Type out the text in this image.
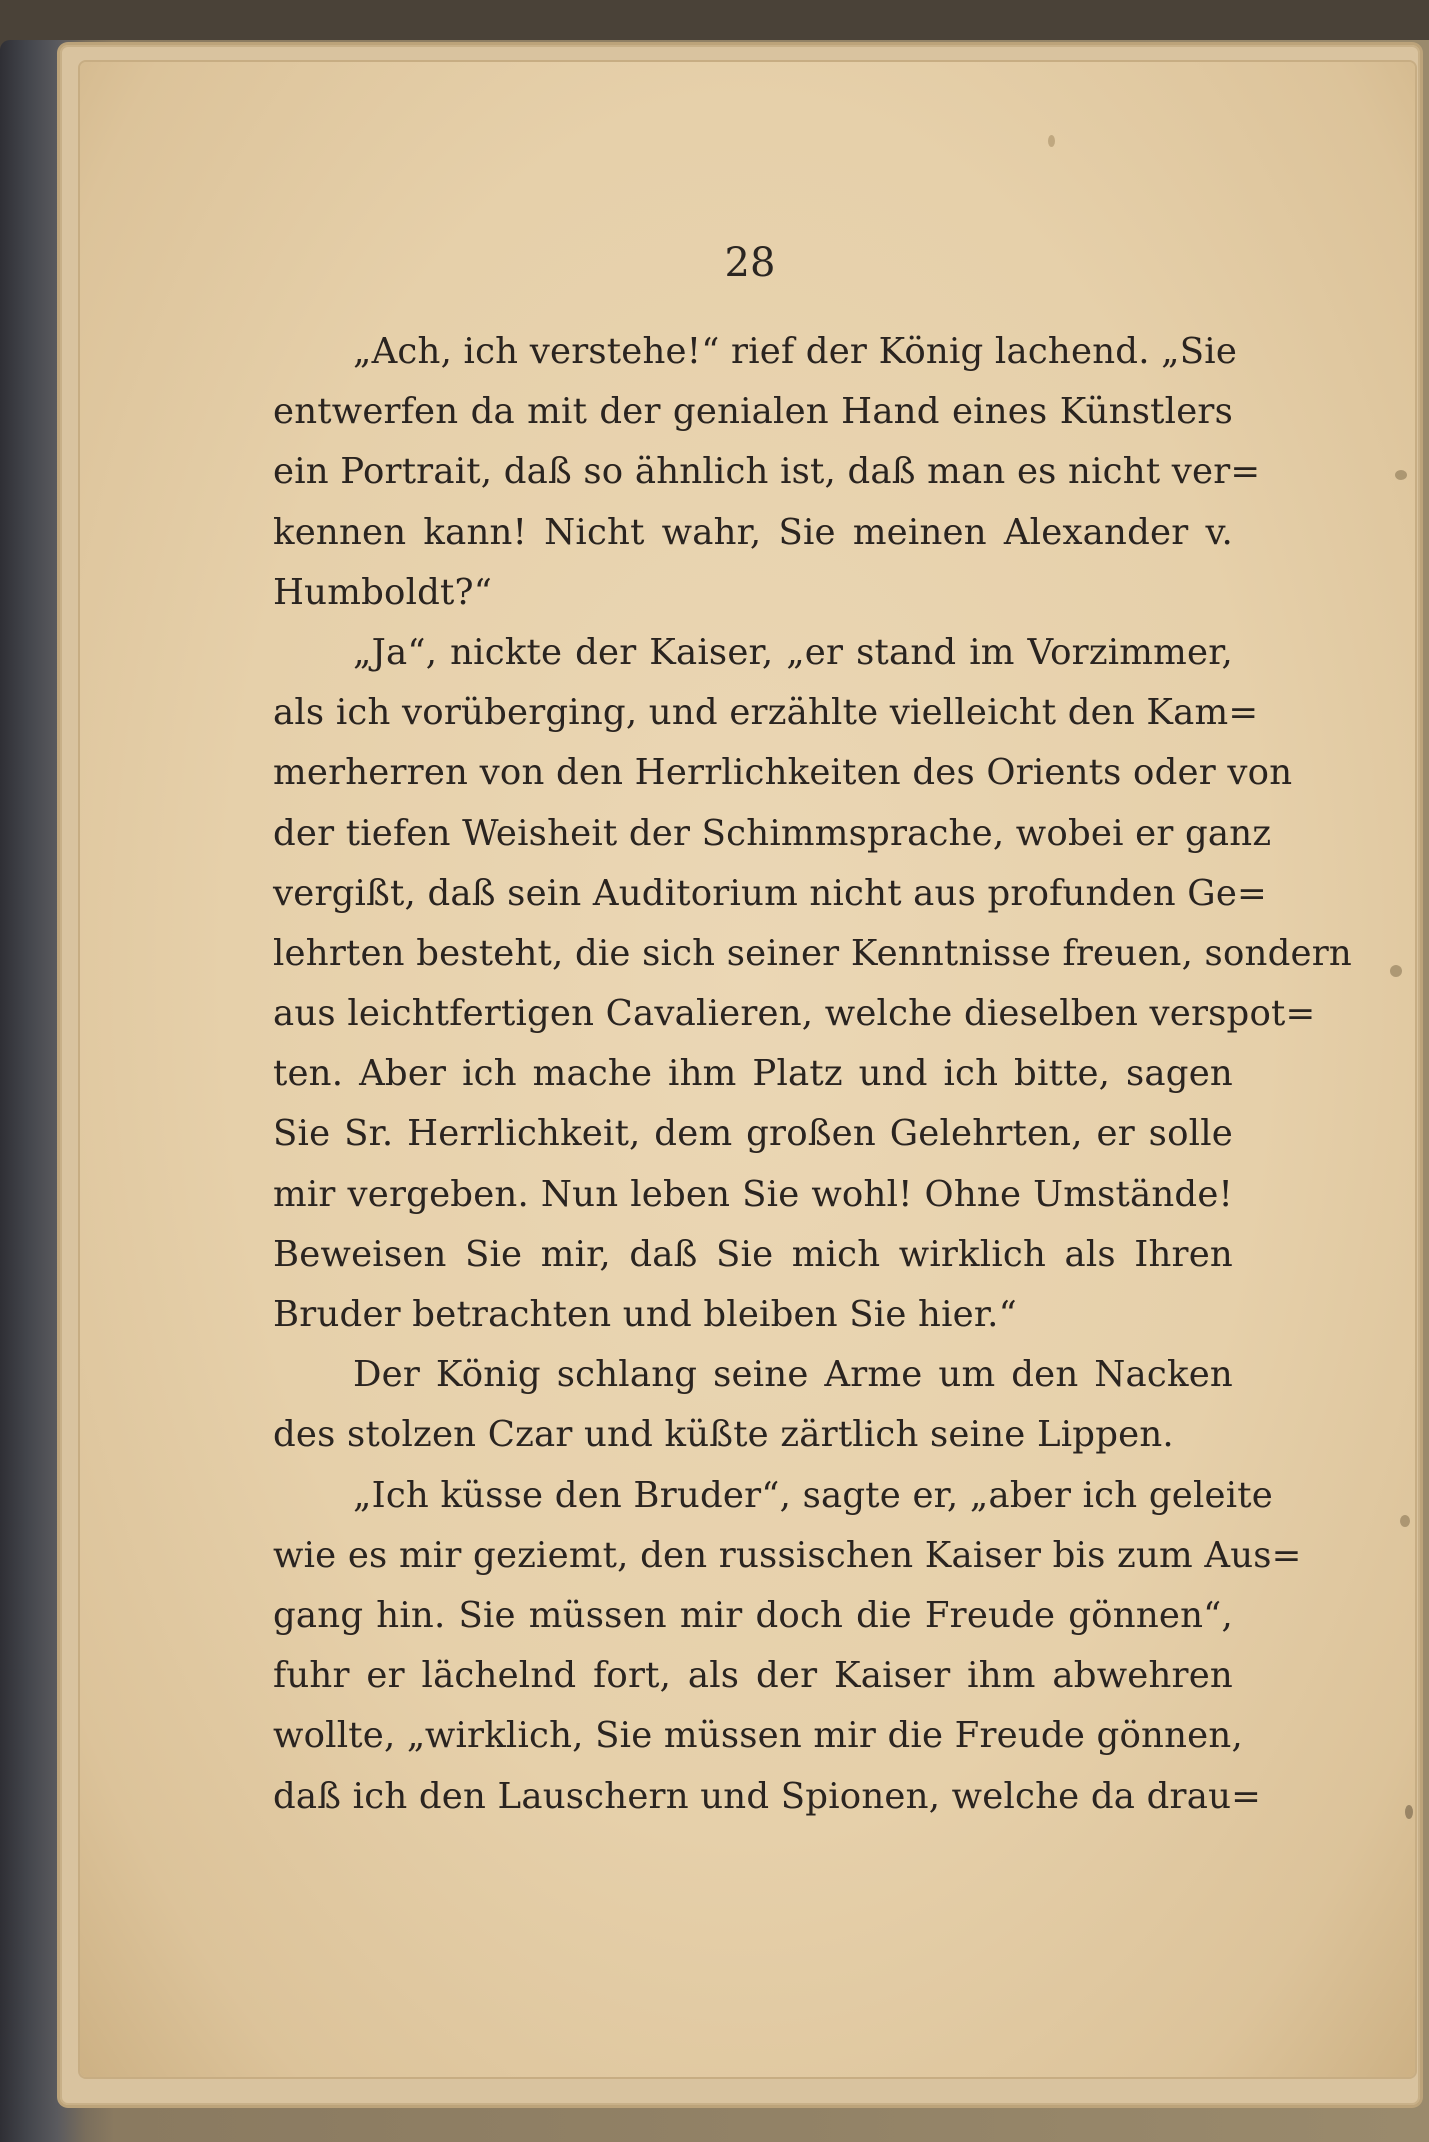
28
„Ach, ich verstehe!“ rief der König lachend. „Sie
entwerfen da mit der genialen Hand eines Künstlers
ein Portrait, daß so ähnlich ist, daß man es nicht ver=
kennen kann! Nicht wahr, Sie meinen Alexander v.
Humboldt?“
„Ja“, nickte der Kaiser, „er stand im Vorzimmer,
als ich vorüberging, und erzählte vielleicht den Kam=
merherren von den Herrlichkeiten des Orients oder von
der tiefen Weisheit der Schimmsprache, wobei er ganz
vergißt, daß sein Auditorium nicht aus profunden Ge=
lehrten besteht, die sich seiner Kenntnisse freuen, sondern
aus leichtfertigen Cavalieren, welche dieselben verspot=
ten. Aber ich mache ihm Platz und ich bitte, sagen
Sie Sr. Herrlichkeit, dem großen Gelehrten, er solle
mir vergeben. Nun leben Sie wohl! Ohne Umstände!
Beweisen Sie mir, daß Sie mich wirklich als Ihren
Bruder betrachten und bleiben Sie hier.“
Der König schlang seine Arme um den Nacken
des stolzen Czar und küßte zärtlich seine Lippen.
„Ich küsse den Bruder“, sagte er, „aber ich geleite
wie es mir geziemt, den russischen Kaiser bis zum Aus=
gang hin. Sie müssen mir doch die Freude gönnen“,
fuhr er lächelnd fort, als der Kaiser ihm abwehren
wollte, „wirklich, Sie müssen mir die Freude gönnen,
daß ich den Lauschern und Spionen, welche da drau=
